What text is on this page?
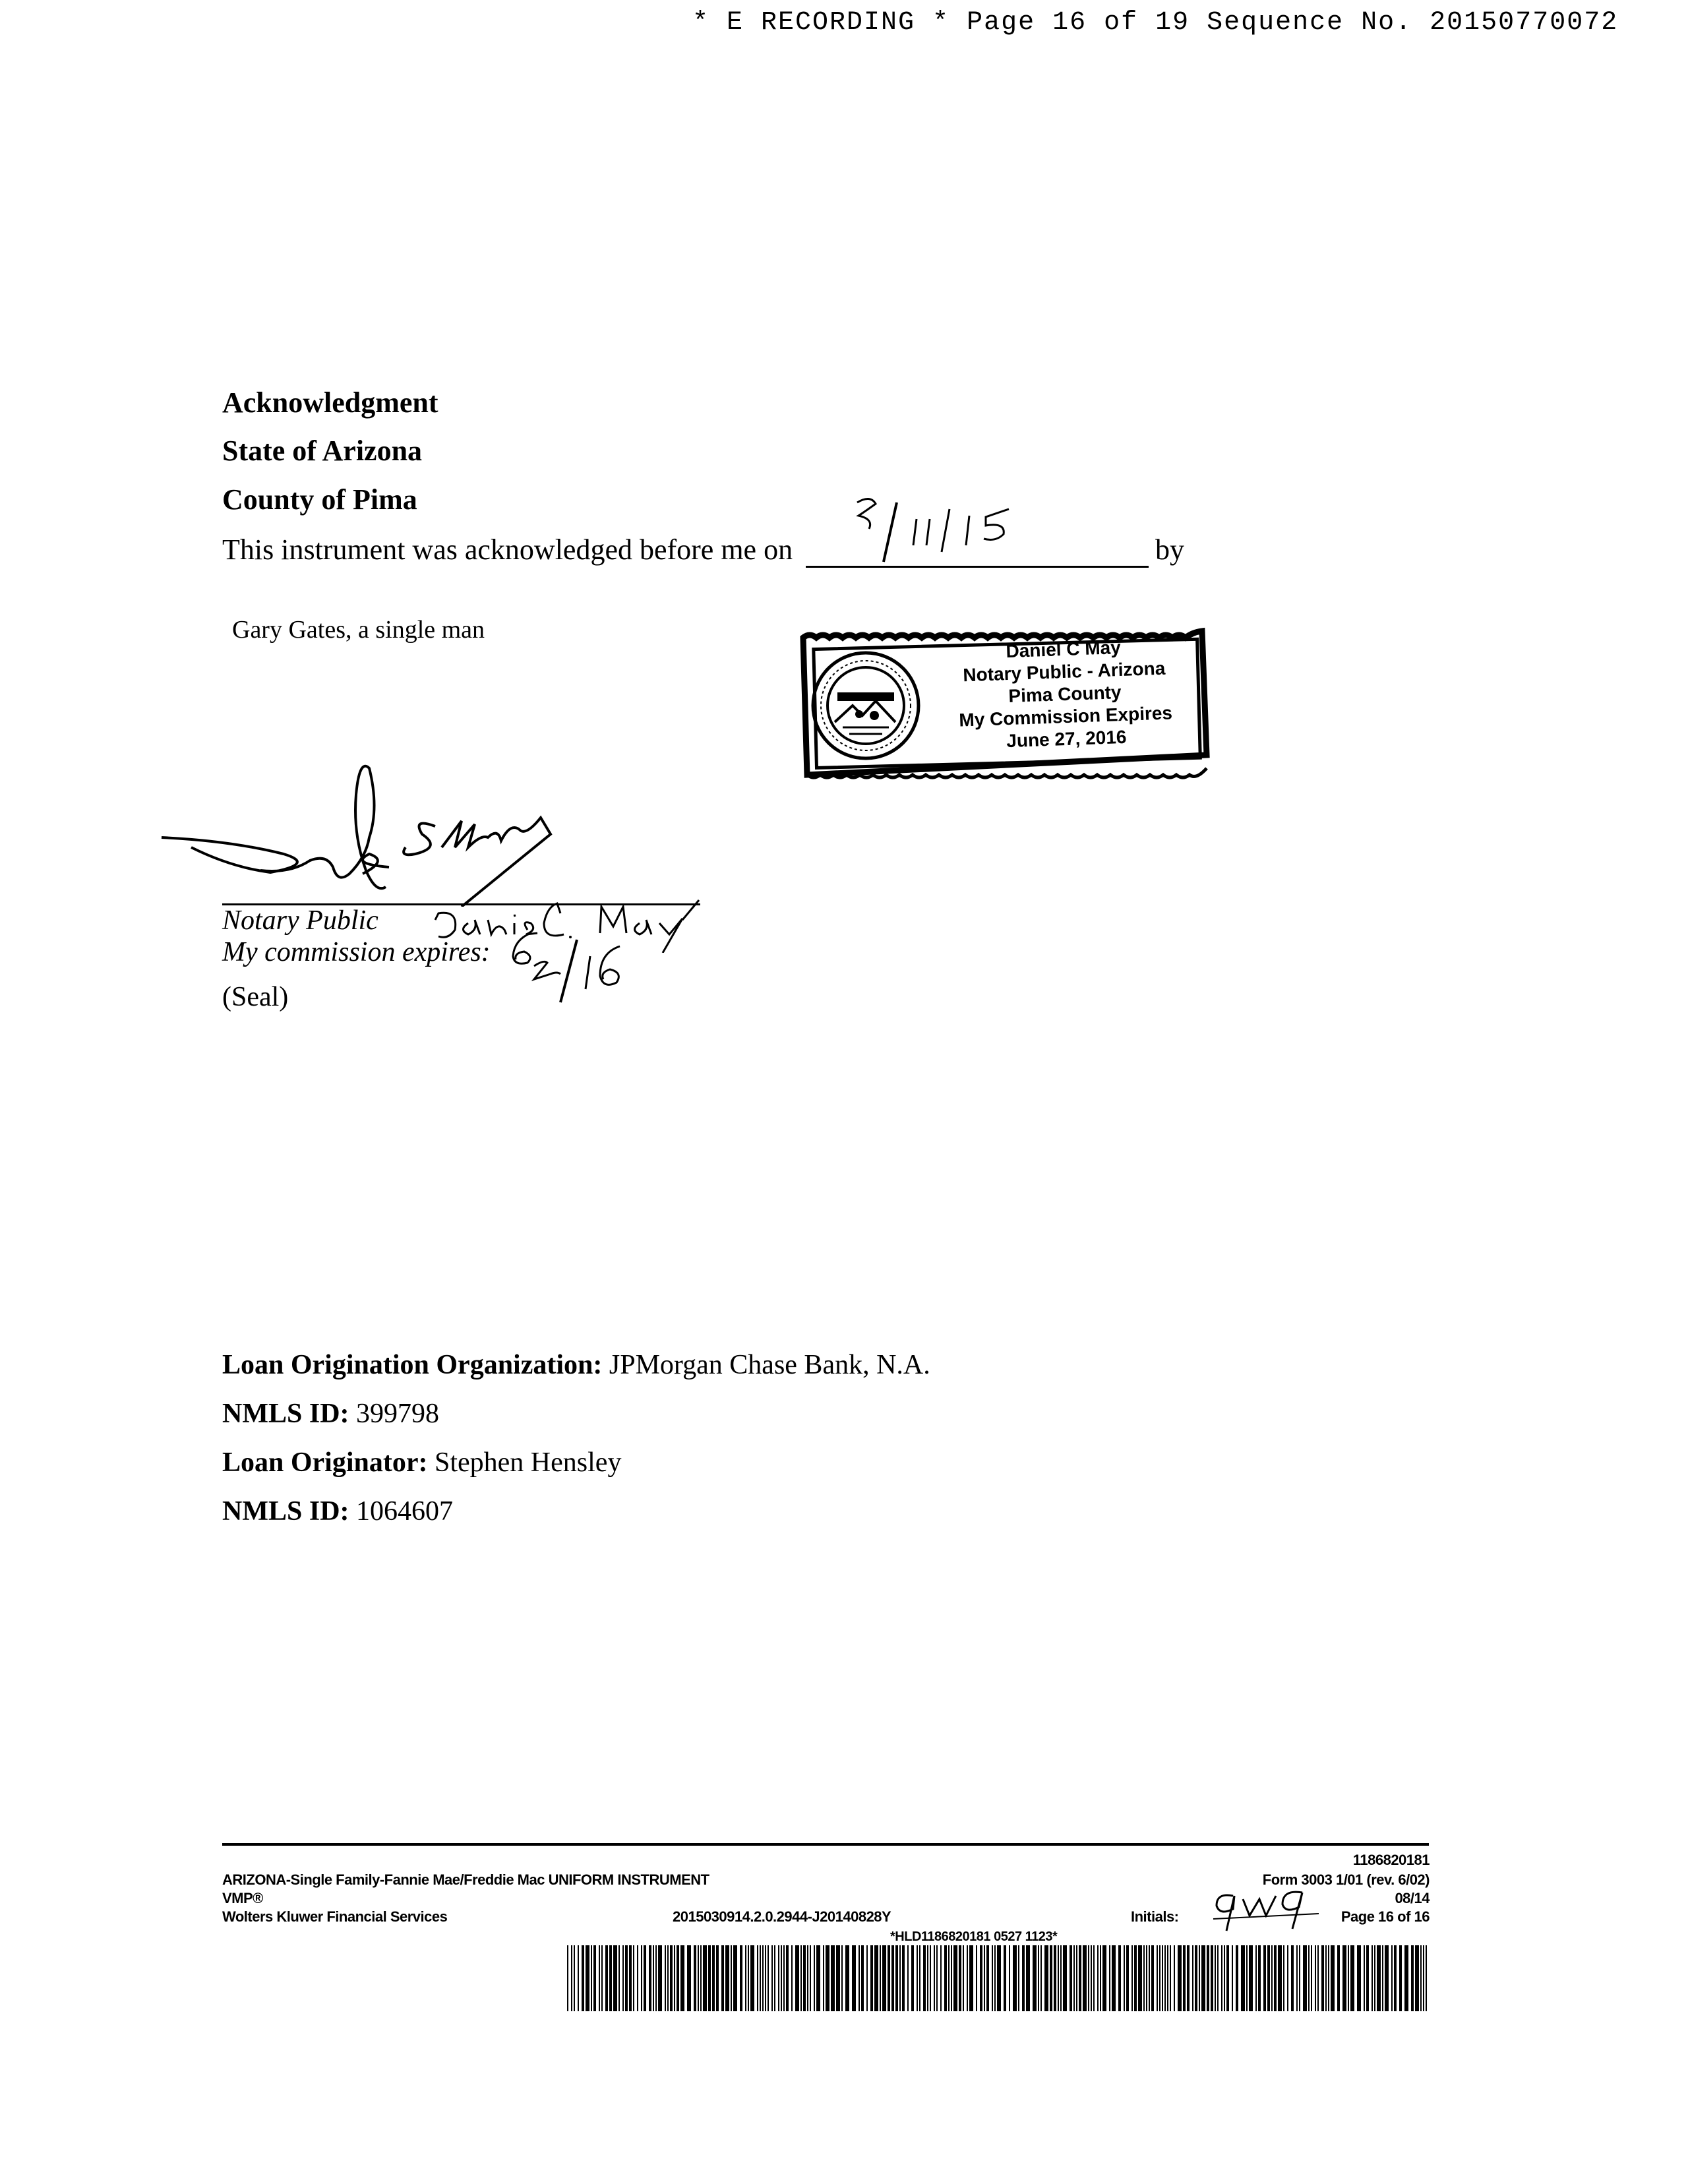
* E RECORDING * Page 16 of 19 Sequence No. 20150770072
Acknowledgment
State of Arizona
County of Pima
This instrument was acknowledged before me on	by
Gary Gates, a single man
Daniel C May
Notary Public - Arizona
Pima County
My Commission Expires
June 27, 2016
Notary Public
My commission expires:
(Seal)
Loan Origination Organization: JPMorgan Chase Bank, N.A.
NMLS ID: 399798
Loan Originator: Stephen Hensley
NMLS ID: 1064607
1186820181
ARIZONA-Single Family-Fannie Mae/Freddie Mac UNIFORM INSTRUMENT	Form 3003 1/01 (rev. 6/02)
VMP®	08/14
Wolters Kluwer Financial Services	2015030914.2.0.2944-J20140828Y	Initials:	Page 16 of 16
*HLD1186820181 0527 1123*
